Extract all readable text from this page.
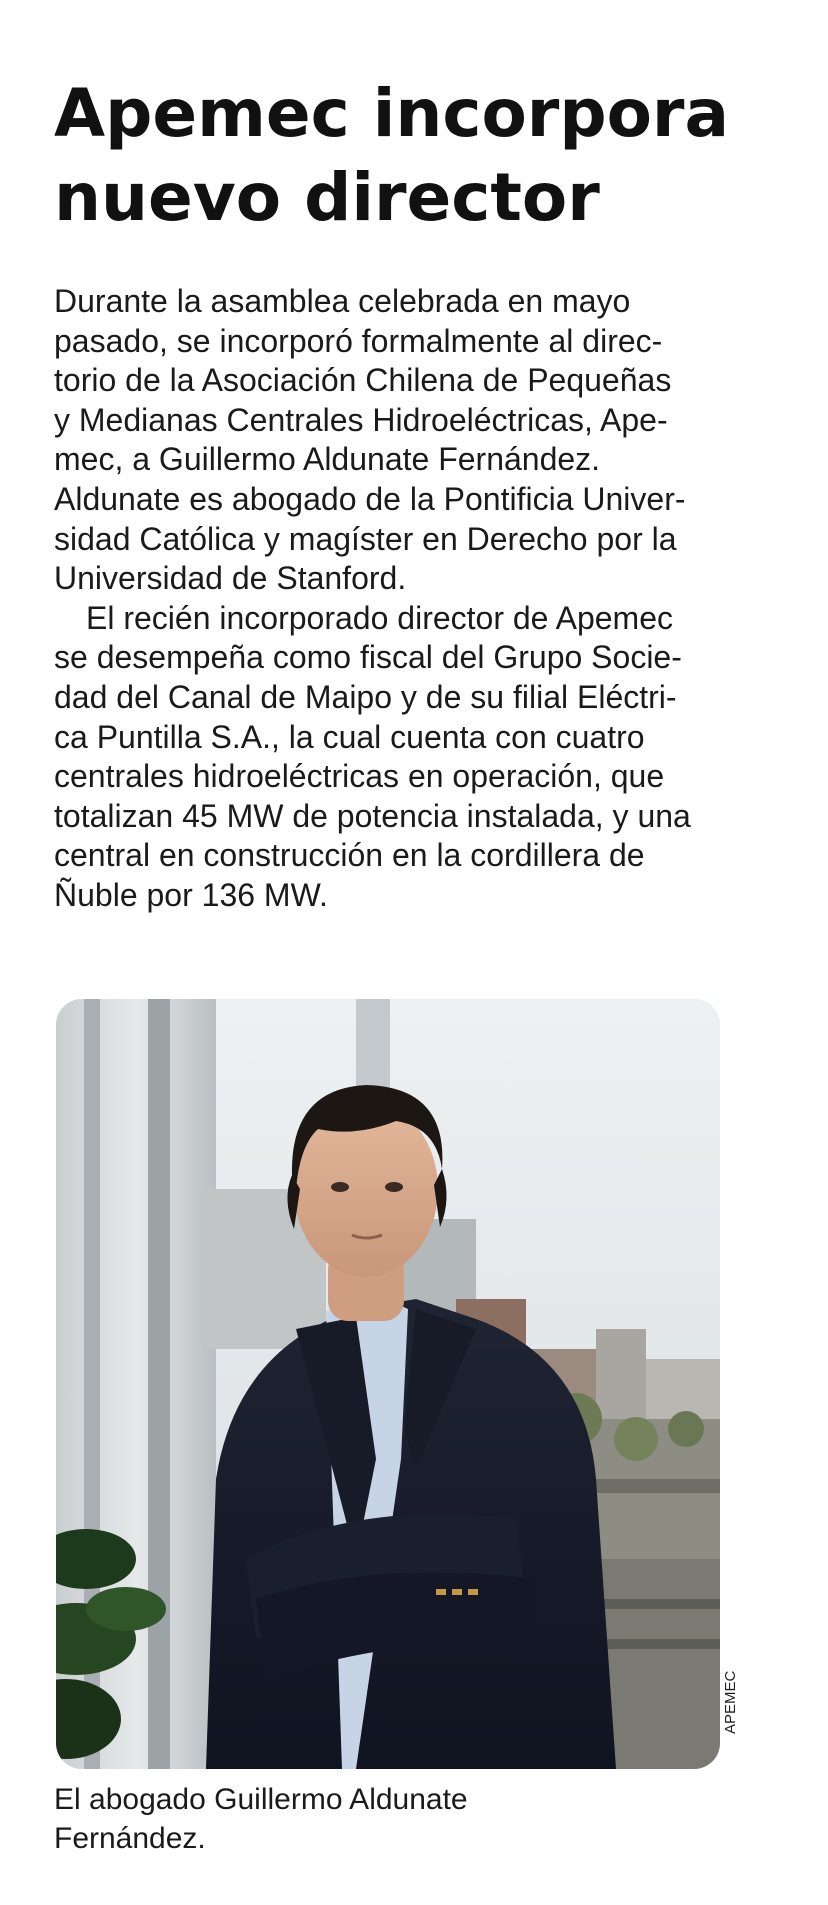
Apemec incorpora
nuevo director
Durante la asamblea celebrada en mayo
pasado, se incorporó formalmente al direc-
torio de la Asociación Chilena de Pequeñas
y Medianas Centrales Hidroeléctricas, Ape-
mec, a Guillermo Aldunate Fernández.
Aldunate es abogado de la Pontificia Univer-
sidad Católica y magíster en Derecho por la
Universidad de Stanford.
El recién incorporado director de Apemec
se desempeña como fiscal del Grupo Socie-
dad del Canal de Maipo y de su filial Eléctri-
ca Puntilla S.A., la cual cuenta con cuatro
centrales hidroeléctricas en operación, que
totalizan 45 MW de potencia instalada, y una
central en construcción en la cordillera de
Ñuble por 136 MW.
APEMEC

El abogado Guillermo Aldunate
Fernández.
